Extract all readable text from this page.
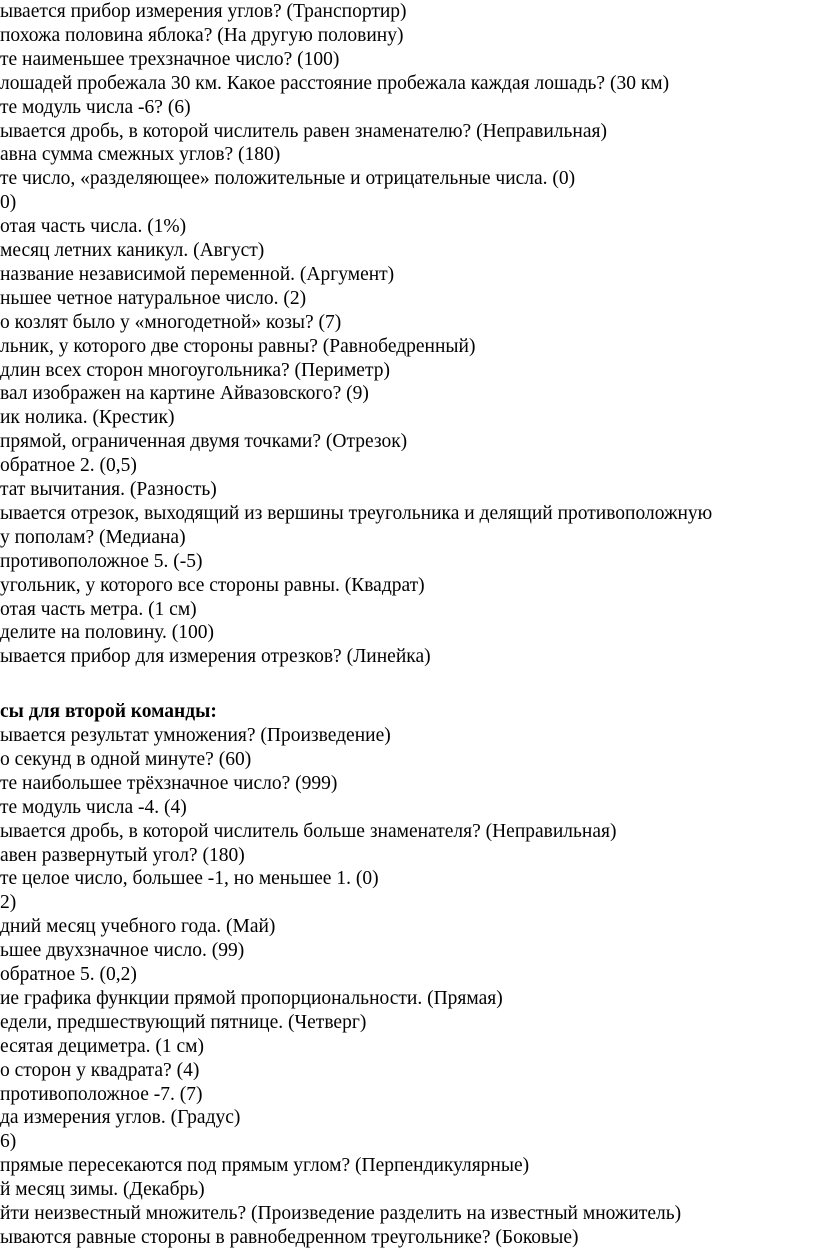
ывается прибор измерения углов? (Транспортир)
похожа половина яблока? (На другую половину)
те наименьшее трехзначное число? (100)
лошадей пробежала 30 км. Какое расстояние пробежала каждая лошадь? (30 км)
те модуль числа -6? (6)
ывается дробь, в которой числитель равен знаменателю? (Неправильная)
авна сумма смежных углов? (180)
те число, «разделяющее» положительные и отрицательные числа. (0)
0)
отая часть числа. (1%)
месяц летних каникул. (Август)
название независимой переменной. (Аргумент)
ньшее четное натуральное число. (2)
о козлят было у «многодетной» козы? (7)
льник, у которого две стороны равны? (Равнобедренный)
длин всех сторон многоугольника? (Периметр)
вал изображен на картине Айвазовского? (9)
ик нолика. (Крестик)
прямой, ограниченная двумя точками? (Отрезок)
обратное 2. (0,5)
тат вычитания. (Разность)
ывается отрезок, выходящий из вершины треугольника и делящий противоположную
у пополам? (Медиана)
противоположное 5. (-5)
угольник, у которого все стороны равны. (Квадрат)
отая часть метра. (1 см)
делите на половину. (100)
ывается прибор для измерения отрезков? (Линейка)
сы для второй команды:
ывается результат умножения? (Произведение)
о секунд в одной минуте? (60)
те наибольшее трёхзначное число? (999)
те модуль числа -4. (4)
ывается дробь, в которой числитель больше знаменателя? (Неправильная)
авен развернутый угол? (180)
те целое число, большее -1, но меньшее 1. (0)
2)
дний месяц учебного года. (Май)
ьшее двухзначное число. (99)
обратное 5. (0,2)
ие графика функции прямой пропорциональности. (Прямая)
едели, предшествующий пятнице. (Четверг)
есятая дециметра. (1 см)
о сторон у квадрата? (4)
противоположное -7. (7)
да измерения углов. (Градус)
6)
прямые пересекаются под прямым углом? (Перпендикулярные)
й месяц зимы. (Декабрь)
йти неизвестный множитель? (Произведение разделить на известный множитель)
ываются равные стороны в равнобедренном треугольнике? (Боковые)
